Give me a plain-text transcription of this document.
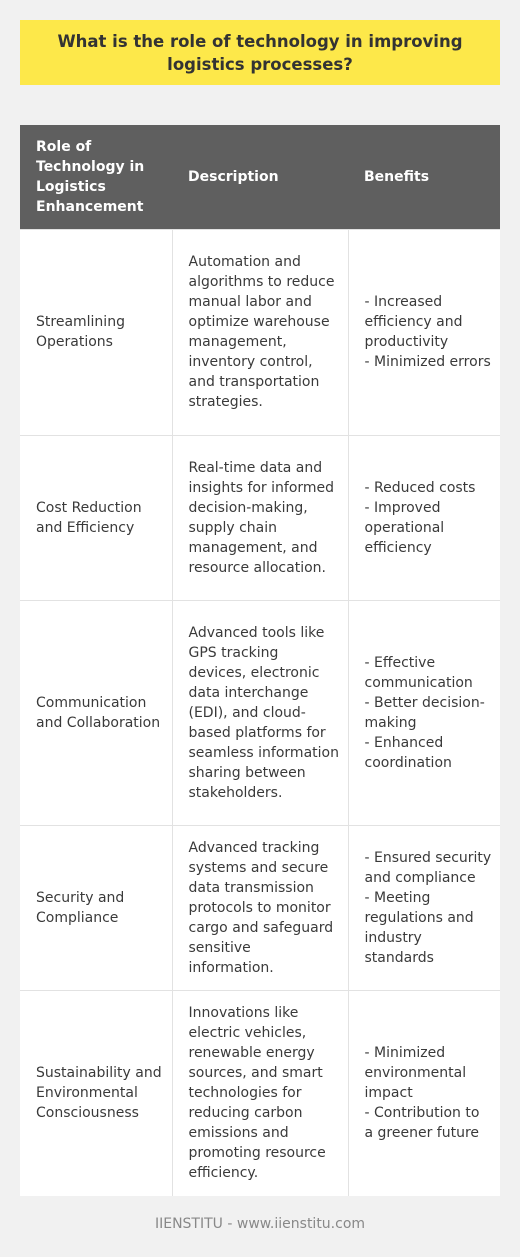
What is the role of technology in improving logistics processes?
Role of Technology in Logistics Enhancement	Description	Benefits
Streamlining Operations	Automation and algorithms to reduce manual labor and optimize warehouse management, inventory control, and transportation strategies.	- Increased efficiency and productivity
- Minimized errors
Cost Reduction and Efficiency	Real-time data and insights for informed decision-making, supply chain management, and resource allocation.	- Reduced costs
- Improved operational efficiency
Communication and Collaboration	Advanced tools like GPS tracking devices, electronic data interchange (EDI), and cloud-based platforms for seamless information sharing between stakeholders.	- Effective communication
- Better decision-making
- Enhanced coordination
Security and Compliance	Advanced tracking systems and secure data transmission protocols to monitor cargo and safeguard sensitive information.	- Ensured security and compliance
- Meeting regulations and industry standards
Sustainability and Environmental Consciousness	Innovations like electric vehicles, renewable energy sources, and smart technologies for reducing carbon emissions and promoting resource efficiency.	- Minimized environmental impact
- Contribution to a greener future
IIENSTITU - www.iienstitu.com
